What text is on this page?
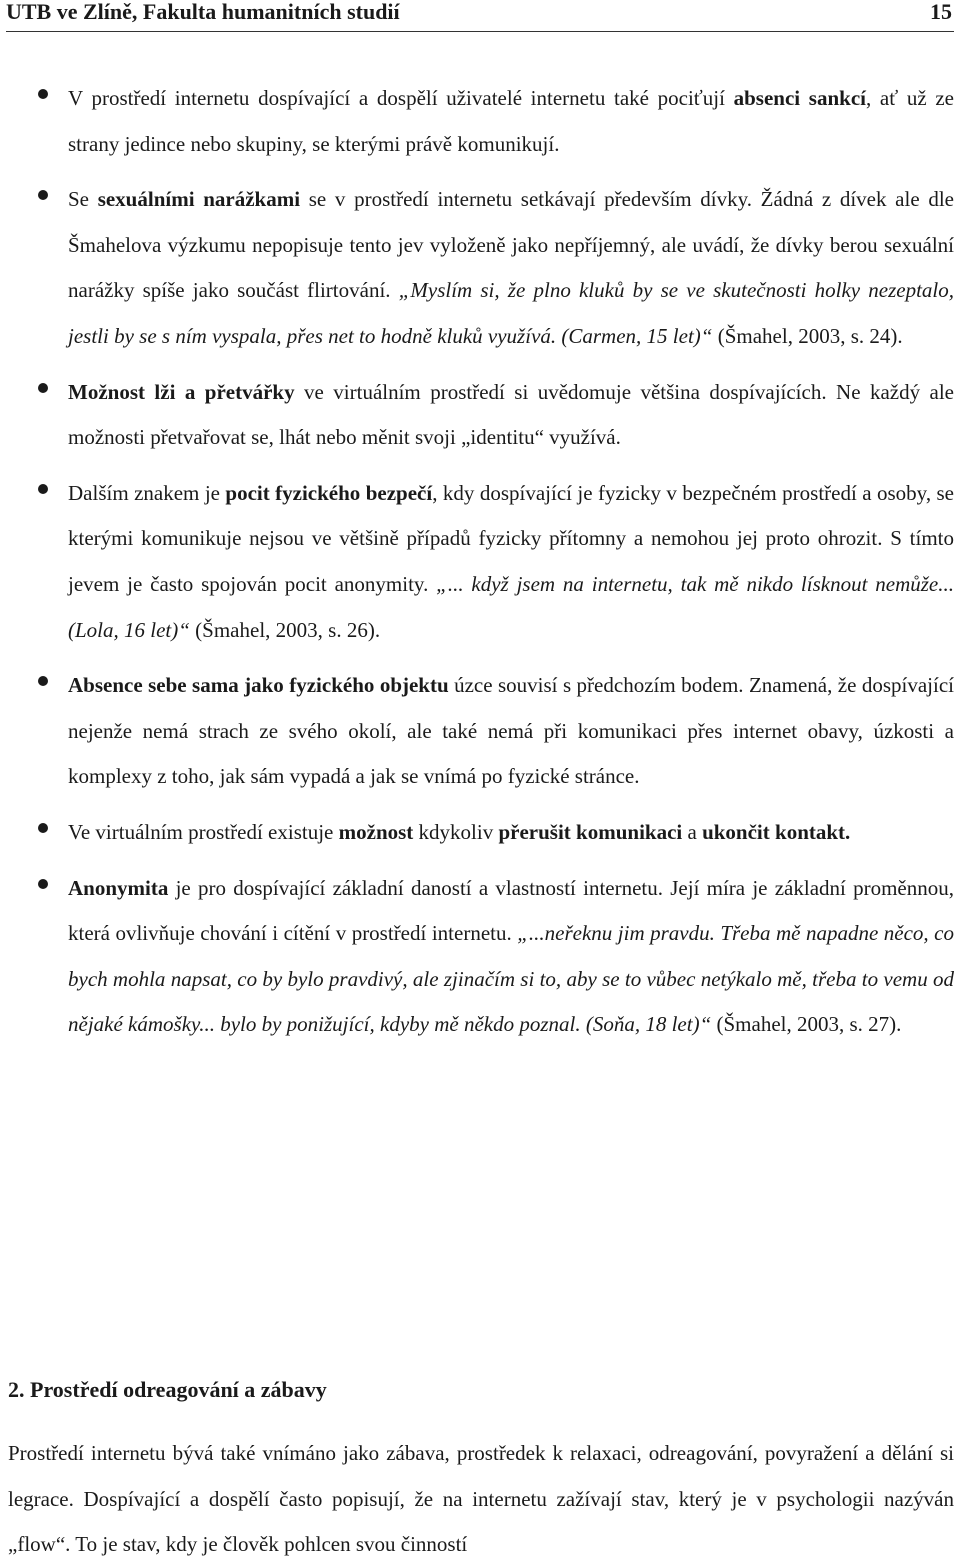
UTB ve Zlíně, Fakulta humanitních studií	15
V prostředí internetu dospívající a dospělí uživatelé internetu také pociťují absenci sankcí, ať už ze strany jedince nebo skupiny, se kterými právě komunikují.
Se sexuálními narážkami se v prostředí internetu setkávají především dívky. Žádná z dívek ale dle Šmahelova výzkumu nepopisuje tento jev vyloženě jako nepříjemný, ale uvádí, že dívky berou sexuální narážky spíše jako součást flirtování. „Myslím si, že plno kluků by se ve skutečnosti holky nezeptalo, jestli by se s ním vyspala, přes net to hodně kluků využívá. (Carmen, 15 let)“ (Šmahel, 2003, s. 24).
Možnost lži a přetvářky ve virtuálním prostředí si uvědomuje většina dospívajících. Ne každý ale možnosti přetvařovat se, lhát nebo měnit svoji „identitu“ využívá.
Dalším znakem je pocit fyzického bezpečí, kdy dospívající je fyzicky v bezpečném prostředí a osoby, se kterými komunikuje nejsou ve většině případů fyzicky přítomny a nemohou jej proto ohrozit. S tímto jevem je často spojován pocit anonymity. „... když jsem na internetu, tak mě nikdo lísknout nemůže... (Lola, 16 let)“ (Šmahel, 2003, s. 26).
Absence sebe sama jako fyzického objektu úzce souvisí s předchozím bodem. Znamená, že dospívající nejenže nemá strach ze svého okolí, ale také nemá při komunikaci přes internet obavy, úzkosti a komplexy z toho, jak sám vypadá a jak se vnímá po fyzické stránce.
Ve virtuálním prostředí existuje možnost kdykoliv přerušit komunikaci a ukončit kontakt.
Anonymita je pro dospívající základní daností a vlastností internetu. Její míra je základní proměnnou, která ovlivňuje chování i cítění v prostředí internetu. „...neřeknu jim pravdu. Třeba mě napadne něco, co bych mohla napsat, co by bylo pravdivý, ale zjinačím si to, aby se to vůbec netýkalo mě, třeba to vemu od nějaké kámošky... bylo by ponižující, kdyby mě někdo poznal. (Soňa, 18 let)“ (Šmahel, 2003, s. 27).
2. Prostředí odreagování a zábavy
Prostředí internetu bývá také vnímáno jako zábava, prostředek k relaxaci, odreagování, povyražení a dělání si legrace. Dospívající a dospělí často popisují, že na internetu zažívají stav, který je v psychologii nazýván „flow“. To je stav, kdy je člověk pohlcen svou činností
